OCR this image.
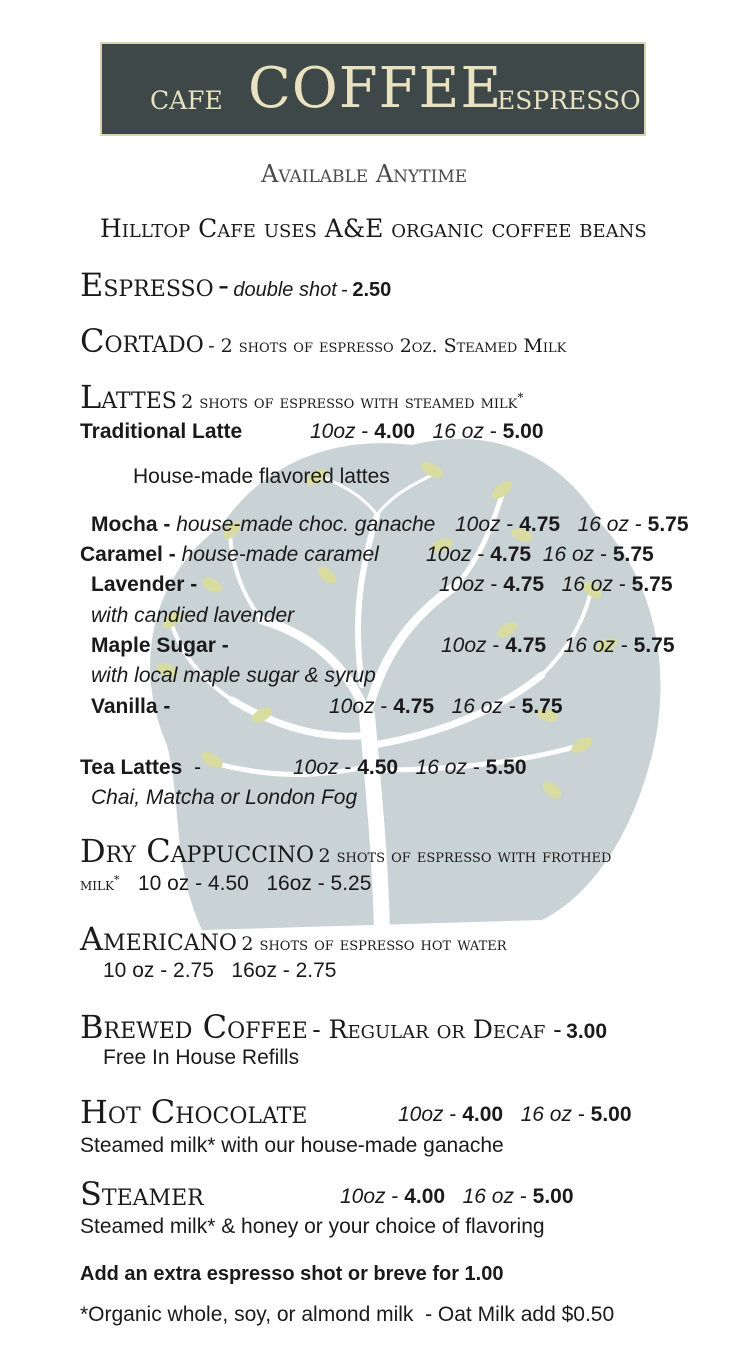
CAFE COFFEE
ESPRESSO
Available Anytime
Hilltop Cafe uses A&E organic coffee beans
Espresso - double shot - 2.50
Cortado - 2 shots of espresso 2oz. Steamed Milk
Lattes 2 shots of espresso with steamed milk*
Traditional Latte	10oz - 4.00 16 oz - 5.00
House-made flavored lattes
Mocha - house-made choc. ganache 10oz - 4.75 16 oz - 5.75
Caramel - house-made caramel 10oz - 4.75 16 oz - 5.75
Lavender -	10oz - 4.75 16 oz - 5.75
with candied lavender
Maple Sugar -	10oz - 4.75 16 oz - 5.75
with local maple sugar & syrup
Vanilla -	10oz - 4.75 16 oz - 5.75
Tea Lattes -	10oz - 4.50 16 oz - 5.50
Chai, Matcha or London Fog
Dry Cappuccino 2 shots of espresso with frothed
milk* 10 oz - 4.50   16oz - 5.25
Americano 2 shots of espresso hot water
10 oz - 2.75   16oz - 2.75
Brewed Coffee - Regular or Decaf - 3.00
Free In House Refills
Hot Chocolate	10oz - 4.00 16 oz - 5.00
Steamed milk* with our house-made ganache
Steamer	10oz - 4.00 16 oz - 5.00
Steamed milk* & honey or your choice of flavoring
Add an extra espresso shot or breve for 1.00
*Organic whole, soy, or almond milk  - Oat Milk add $0.50
